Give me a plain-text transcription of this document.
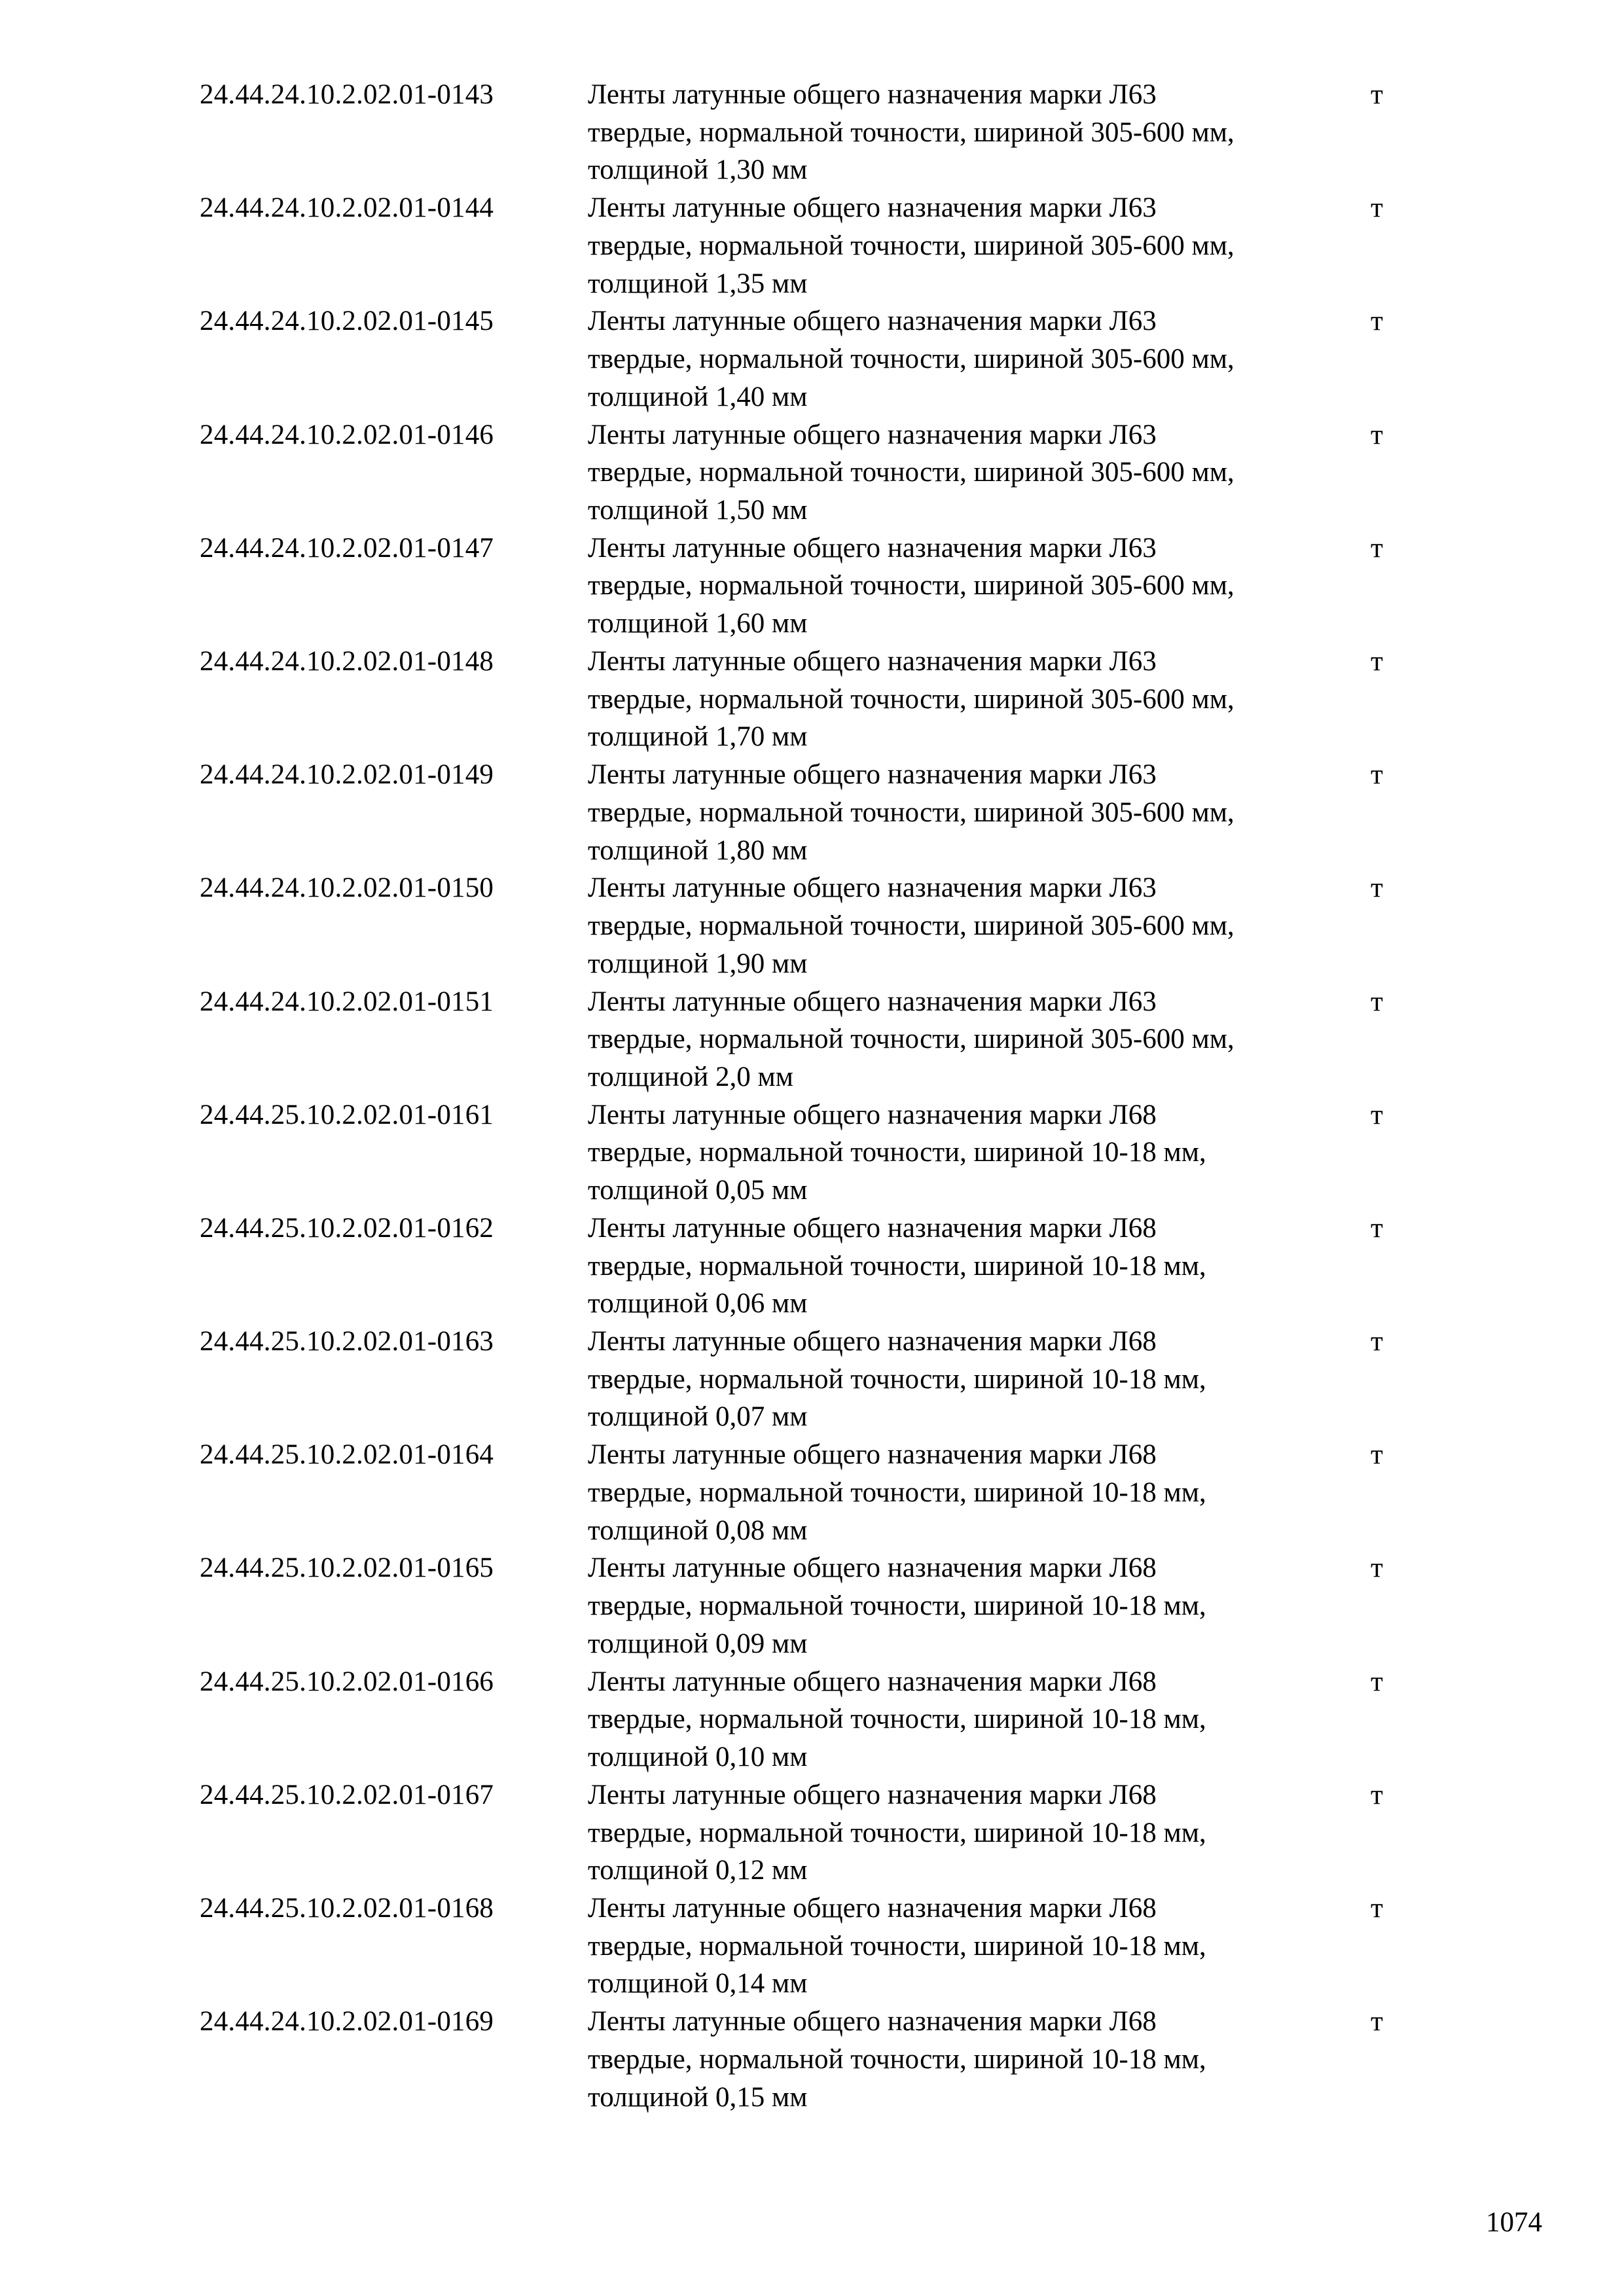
24.44.24.10.2.02.01-0143	Ленты латунные общего назначения марки Л63
твердые, нормальной точности, шириной 305-600 мм,
толщиной 1,30 мм
т
24.44.24.10.2.02.01-0144	Ленты латунные общего назначения марки Л63
твердые, нормальной точности, шириной 305-600 мм,
толщиной 1,35 мм
т
24.44.24.10.2.02.01-0145	Ленты латунные общего назначения марки Л63
твердые, нормальной точности, шириной 305-600 мм,
толщиной 1,40 мм
т
24.44.24.10.2.02.01-0146	Ленты латунные общего назначения марки Л63
твердые, нормальной точности, шириной 305-600 мм,
толщиной 1,50 мм
т
24.44.24.10.2.02.01-0147	Ленты латунные общего назначения марки Л63
твердые, нормальной точности, шириной 305-600 мм,
толщиной 1,60 мм
т
24.44.24.10.2.02.01-0148	Ленты латунные общего назначения марки Л63
твердые, нормальной точности, шириной 305-600 мм,
толщиной 1,70 мм
т
24.44.24.10.2.02.01-0149	Ленты латунные общего назначения марки Л63
твердые, нормальной точности, шириной 305-600 мм,
толщиной 1,80 мм
т
24.44.24.10.2.02.01-0150	Ленты латунные общего назначения марки Л63
твердые, нормальной точности, шириной 305-600 мм,
толщиной 1,90 мм
т
24.44.24.10.2.02.01-0151	Ленты латунные общего назначения марки Л63
твердые, нормальной точности, шириной 305-600 мм,
толщиной 2,0 мм
т
24.44.25.10.2.02.01-0161	Ленты латунные общего назначения марки Л68
твердые, нормальной точности, шириной 10-18 мм,
толщиной 0,05 мм
т
24.44.25.10.2.02.01-0162	Ленты латунные общего назначения марки Л68
твердые, нормальной точности, шириной 10-18 мм,
толщиной 0,06 мм
т
24.44.25.10.2.02.01-0163	Ленты латунные общего назначения марки Л68
твердые, нормальной точности, шириной 10-18 мм,
толщиной 0,07 мм
т
24.44.25.10.2.02.01-0164	Ленты латунные общего назначения марки Л68
твердые, нормальной точности, шириной 10-18 мм,
толщиной 0,08 мм
т
24.44.25.10.2.02.01-0165	Ленты латунные общего назначения марки Л68
твердые, нормальной точности, шириной 10-18 мм,
толщиной 0,09 мм
т
24.44.25.10.2.02.01-0166	Ленты латунные общего назначения марки Л68
твердые, нормальной точности, шириной 10-18 мм,
толщиной 0,10 мм
т
24.44.25.10.2.02.01-0167	Ленты латунные общего назначения марки Л68
твердые, нормальной точности, шириной 10-18 мм,
толщиной 0,12 мм
т
24.44.25.10.2.02.01-0168	Ленты латунные общего назначения марки Л68
твердые, нормальной точности, шириной 10-18 мм,
толщиной 0,14 мм
т
24.44.24.10.2.02.01-0169	Ленты латунные общего назначения марки Л68
твердые, нормальной точности, шириной 10-18 мм,
толщиной 0,15 мм
т
1074
